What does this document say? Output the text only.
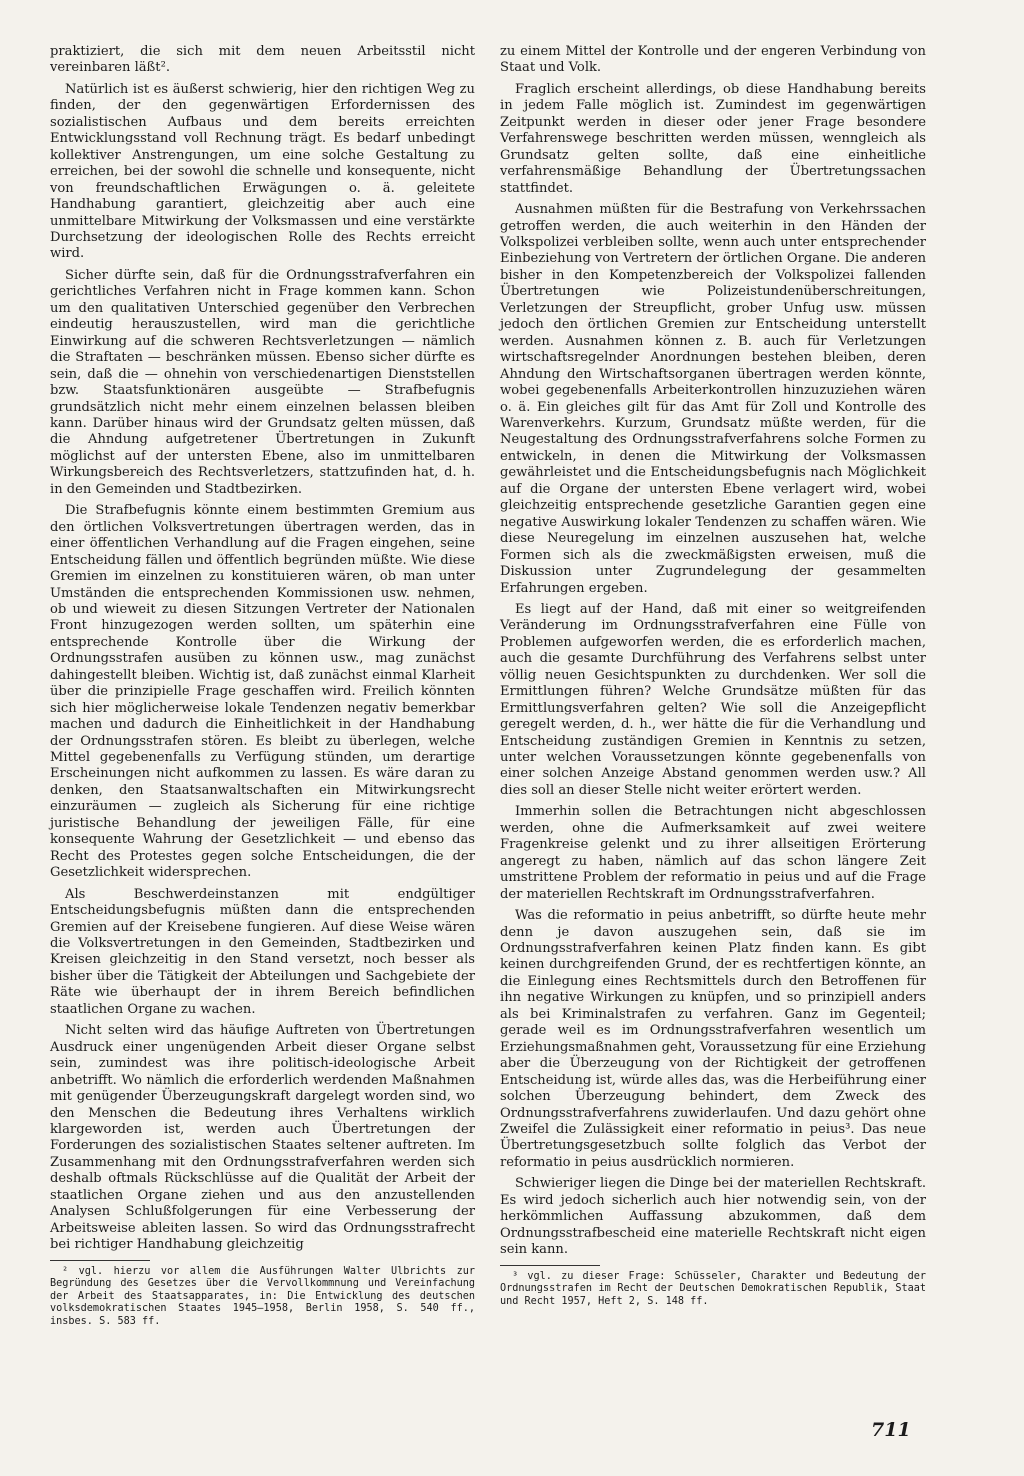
praktiziert, die sich mit dem neuen Arbeitsstil nicht vereinbaren läßt².

Natürlich ist es äußerst schwierig, hier den richtigen Weg zu finden, der den gegenwärtigen Erfordernissen des sozialistischen Aufbaus und dem bereits erreichten Entwicklungsstand voll Rechnung trägt. Es bedarf unbedingt kollektiver Anstrengungen, um eine solche Gestaltung zu erreichen, bei der sowohl die schnelle und konsequente, nicht von freundschaftlichen Erwägungen o. ä. geleitete Handhabung garantiert, gleichzeitig aber auch eine unmittelbare Mitwirkung der Volksmassen und eine verstärkte Durchsetzung der ideologischen Rolle des Rechts erreicht wird.

Sicher dürfte sein, daß für die Ordnungsstrafverfahren ein gerichtliches Verfahren nicht in Frage kommen kann. Schon um den qualitativen Unterschied gegenüber den Verbrechen eindeutig herauszustellen, wird man die gerichtliche Einwirkung auf die schweren Rechtsverletzungen — nämlich die Straftaten — beschränken müssen. Ebenso sicher dürfte es sein, daß die — ohnehin von verschiedenartigen Dienststellen bzw. Staatsfunktionären ausgeübte — Strafbefugnis grundsätzlich nicht mehr einem einzelnen belassen bleiben kann. Darüber hinaus wird der Grundsatz gelten müssen, daß die Ahndung aufgetretener Übertretungen in Zukunft möglichst auf der untersten Ebene, also im unmittelbaren Wirkungsbereich des Rechtsverletzers, stattzufinden hat, d. h. in den Gemeinden und Stadtbezirken.

Die Strafbefugnis könnte einem bestimmten Gremium aus den örtlichen Volksvertretungen übertragen werden, das in einer öffentlichen Verhandlung auf die Fragen eingehen, seine Entscheidung fällen und öffentlich begründen müßte. Wie diese Gremien im einzelnen zu konstituieren wären, ob man unter Umständen die entsprechenden Kommissionen usw. nehmen, ob und wieweit zu diesen Sitzungen Vertreter der Nationalen Front hinzugezogen werden sollten, um späterhin eine entsprechende Kontrolle über die Wirkung der Ordnungsstrafen ausüben zu können usw., mag zunächst dahingestellt bleiben. Wichtig ist, daß zunächst einmal Klarheit über die prinzipielle Frage geschaffen wird. Freilich könnten sich hier möglicherweise lokale Tendenzen negativ bemerkbar machen und dadurch die Einheitlichkeit in der Handhabung der Ordnungsstrafen stören. Es bleibt zu überlegen, welche Mittel gegebenenfalls zu Verfügung stünden, um derartige Erscheinungen nicht aufkommen zu lassen. Es wäre daran zu denken, den Staatsanwaltschaften ein Mitwirkungsrecht einzuräumen — zugleich als Sicherung für eine richtige juristische Behandlung der jeweiligen Fälle, für eine konsequente Wahrung der Gesetzlichkeit — und ebenso das Recht des Protestes gegen solche Entscheidungen, die der Gesetzlichkeit widersprechen.

Als Beschwerdeinstanzen mit endgültiger Entscheidungsbefugnis müßten dann die entsprechenden Gremien auf der Kreisebene fungieren. Auf diese Weise wären die Volksvertretungen in den Gemeinden, Stadtbezirken und Kreisen gleichzeitig in den Stand versetzt, noch besser als bisher über die Tätigkeit der Abteilungen und Sachgebiete der Räte wie überhaupt der in ihrem Bereich befindlichen staatlichen Organe zu wachen.

Nicht selten wird das häufige Auftreten von Übertretungen Ausdruck einer ungenügenden Arbeit dieser Organe selbst sein, zumindest was ihre politisch-ideologische Arbeit anbetrifft. Wo nämlich die erforderlich werdenden Maßnahmen mit genügender Überzeugungskraft dargelegt worden sind, wo den Menschen die Bedeutung ihres Verhaltens wirklich klargeworden ist, werden auch Übertretungen der Forderungen des sozialistischen Staates seltener auftreten. Im Zusammenhang mit den Ordnungsstrafverfahren werden sich deshalb oftmals Rückschlüsse auf die Qualität der Arbeit der staatlichen Organe ziehen und aus den anzustellenden Analysen Schlußfolgerungen für eine Verbesserung der Arbeitsweise ableiten lassen. So wird das Ordnungsstrafrecht bei richtiger Handhabung gleichzeitig

² vgl. hierzu vor allem die Ausführungen Walter Ulbrichts zur Begründung des Gesetzes über die Vervollkommnung und Vereinfachung der Arbeit des Staatsapparates, in: Die Entwicklung des deutschen volksdemokratischen Staates 1945–1958, Berlin 1958, S. 540 ff., insbes. S. 583 ff.

zu einem Mittel der Kontrolle und der engeren Verbindung von Staat und Volk.

Fraglich erscheint allerdings, ob diese Handhabung bereits in jedem Falle möglich ist. Zumindest im gegenwärtigen Zeitpunkt werden in dieser oder jener Frage besondere Verfahrenswege beschritten werden müssen, wenngleich als Grundsatz gelten sollte, daß eine einheitliche verfahrensmäßige Behandlung der Übertretungssachen stattfindet.

Ausnahmen müßten für die Bestrafung von Verkehrssachen getroffen werden, die auch weiterhin in den Händen der Volkspolizei verbleiben sollte, wenn auch unter entsprechender Einbeziehung von Vertretern der örtlichen Organe. Die anderen bisher in den Kompetenzbereich der Volkspolizei fallenden Übertretungen wie Polizeistundenüberschreitungen, Verletzungen der Streupflicht, grober Unfug usw. müssen jedoch den örtlichen Gremien zur Entscheidung unterstellt werden. Ausnahmen können z. B. auch für Verletzungen wirtschaftsregelnder Anordnungen bestehen bleiben, deren Ahndung den Wirtschaftsorganen übertragen werden könnte, wobei gegebenenfalls Arbeiterkontrollen hinzuzuziehen wären o. ä. Ein gleiches gilt für das Amt für Zoll und Kontrolle des Warenverkehrs. Kurzum, Grundsatz müßte werden, für die Neugestaltung des Ordnungsstrafverfahrens solche Formen zu entwickeln, in denen die Mitwirkung der Volksmassen gewährleistet und die Entscheidungsbefugnis nach Möglichkeit auf die Organe der untersten Ebene verlagert wird, wobei gleichzeitig entsprechende gesetzliche Garantien gegen eine negative Auswirkung lokaler Tendenzen zu schaffen wären. Wie diese Neuregelung im einzelnen auszusehen hat, welche Formen sich als die zweckmäßigsten erweisen, muß die Diskussion unter Zugrundelegung der gesammelten Erfahrungen ergeben.

Es liegt auf der Hand, daß mit einer so weitgreifenden Veränderung im Ordnungsstrafverfahren eine Fülle von Problemen aufgeworfen werden, die es erforderlich machen, auch die gesamte Durchführung des Verfahrens selbst unter völlig neuen Gesichtspunkten zu durchdenken. Wer soll die Ermittlungen führen? Welche Grundsätze müßten für das Ermittlungsverfahren gelten? Wie soll die Anzeigepflicht geregelt werden, d. h., wer hätte die für die Verhandlung und Entscheidung zuständigen Gremien in Kenntnis zu setzen, unter welchen Voraussetzungen könnte gegebenenfalls von einer solchen Anzeige Abstand genommen werden usw.? All dies soll an dieser Stelle nicht weiter erörtert werden.

Immerhin sollen die Betrachtungen nicht abgeschlossen werden, ohne die Aufmerksamkeit auf zwei weitere Fragenkreise gelenkt und zu ihrer allseitigen Erörterung angeregt zu haben, nämlich auf das schon längere Zeit umstrittene Problem der reformatio in peius und auf die Frage der materiellen Rechtskraft im Ordnungsstrafverfahren.

Was die reformatio in peius anbetrifft, so dürfte heute mehr denn je davon auszugehen sein, daß sie im Ordnungsstrafverfahren keinen Platz finden kann. Es gibt keinen durchgreifenden Grund, der es rechtfertigen könnte, an die Einlegung eines Rechtsmittels durch den Betroffenen für ihn negative Wirkungen zu knüpfen, und so prinzipiell anders als bei Kriminalstrafen zu verfahren. Ganz im Gegenteil; gerade weil es im Ordnungsstrafverfahren wesentlich um Erziehungsmaßnahmen geht, Voraussetzung für eine Erziehung aber die Überzeugung von der Richtigkeit der getroffenen Entscheidung ist, würde alles das, was die Herbeiführung einer solchen Überzeugung behindert, dem Zweck des Ordnungsstrafverfahrens zuwiderlaufen. Und dazu gehört ohne Zweifel die Zulässigkeit einer reformatio in peius³. Das neue Übertretungsgesetzbuch sollte folglich das Verbot der reformatio in peius ausdrücklich normieren.

Schwieriger liegen die Dinge bei der materiellen Rechtskraft. Es wird jedoch sicherlich auch hier notwendig sein, von der herkömmlichen Auffassung abzukommen, daß dem Ordnungsstrafbescheid eine materielle Rechtskraft nicht eigen sein kann.

³ vgl. zu dieser Frage: Schüsseler, Charakter und Bedeutung der Ordnungsstrafen im Recht der Deutschen Demokratischen Republik, Staat und Recht 1957, Heft 2, S. 148 ff.

711
